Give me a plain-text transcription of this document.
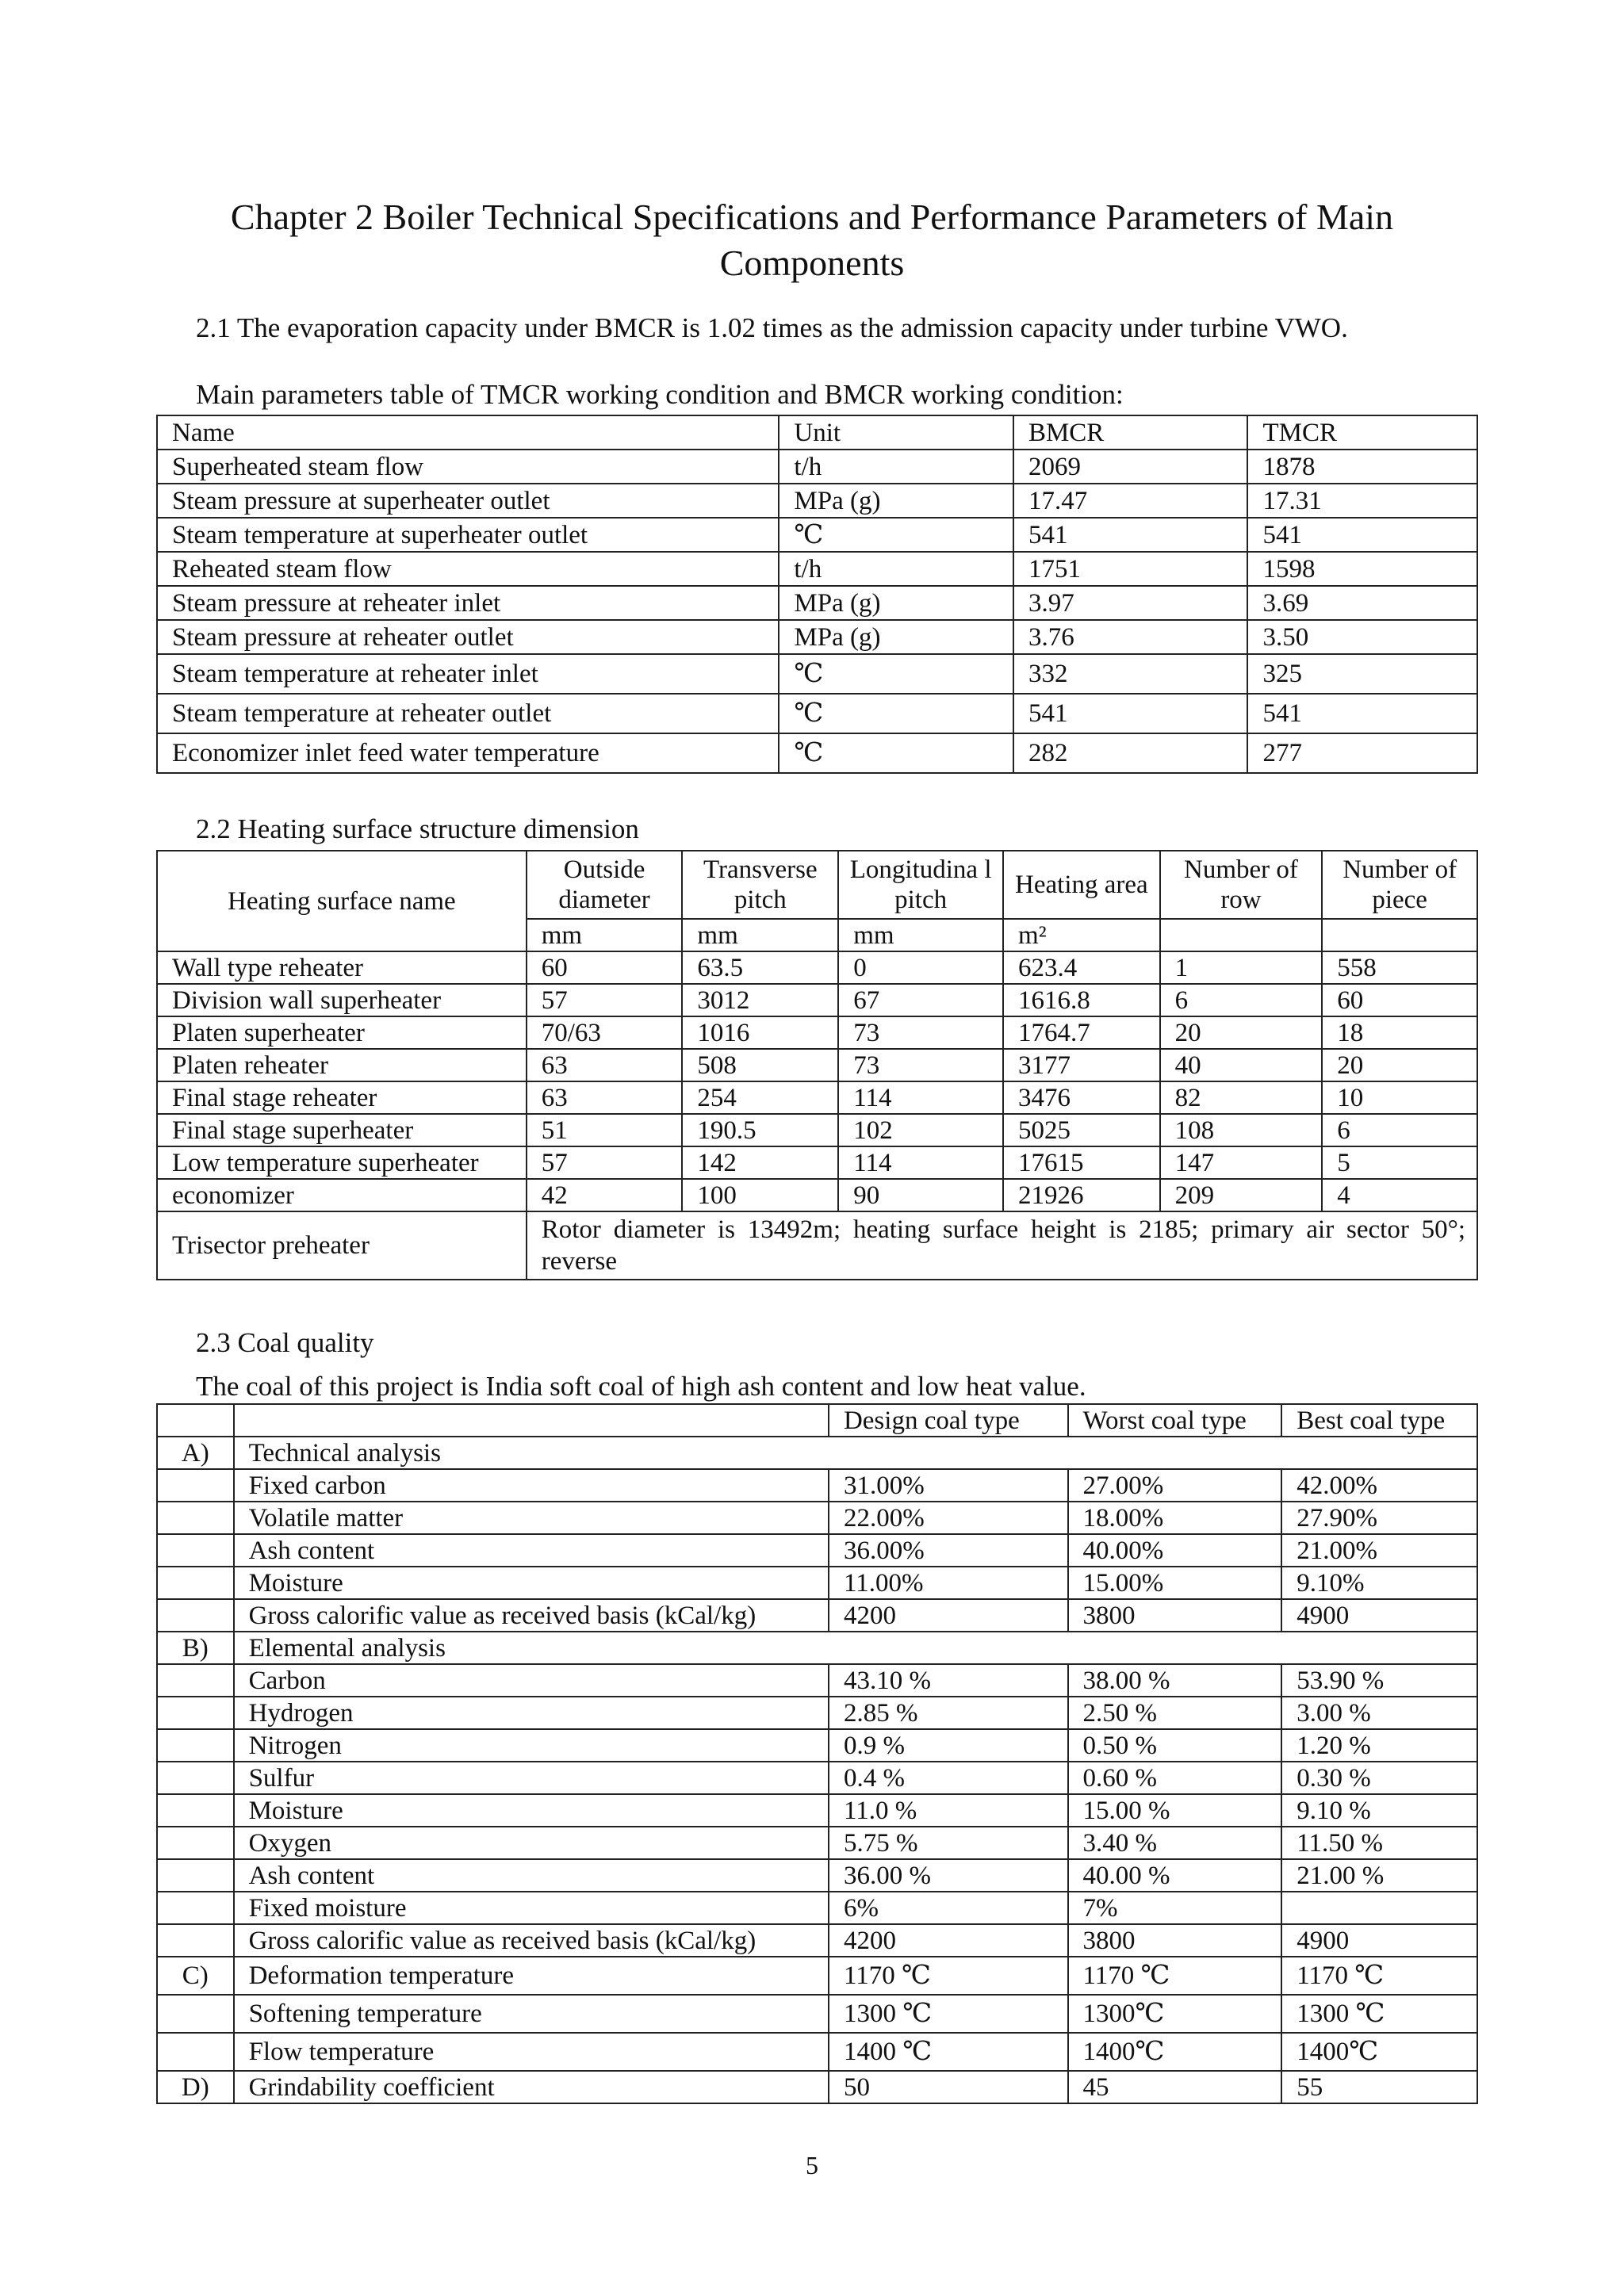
Chapter 2 Boiler Technical Specifications and Performance Parameters of Main
Components
2.1 The evaporation capacity under BMCR is 1.02 times as the admission capacity under turbine VWO.
Main parameters table of TMCR working condition and BMCR working condition:
Name	Unit	BMCR	TMCR
Superheated steam flow	t/h	2069	1878
Steam pressure at superheater outlet	MPa (g)	17.47	17.31
Steam temperature at superheater outlet	℃	541	541
Reheated steam flow	t/h	1751	1598
Steam pressure at reheater inlet	MPa (g)	3.97	3.69
Steam pressure at reheater outlet	MPa (g)	3.76	3.50
Steam temperature at reheater inlet	℃	332	325
Steam temperature at reheater outlet	℃	541	541
Economizer inlet feed water temperature	℃	282	277
2.2 Heating surface structure dimension
Heating surface name	Outside diameter	Transverse pitch	Longitudina l pitch	Heating area	Number of row	Number of piece
	mm	mm	mm	m²		
Wall type reheater	60	63.5	0	623.4	1	558
Division wall superheater	57	3012	67	1616.8	6	60
Platen superheater	70/63	1016	73	1764.7	20	18
Platen reheater	63	508	73	3177	40	20
Final stage reheater	63	254	114	3476	82	10
Final stage superheater	51	190.5	102	5025	108	6
Low temperature superheater	57	142	114	17615	147	5
economizer	42	100	90	21926	209	4
Trisector preheater	Rotor diameter is 13492m; heating surface height is 2185; primary air sector 50°; reverse					
2.3 Coal quality
The coal of this project is India soft coal of high ash content and low heat value.
		Design coal type	Worst coal type	Best coal type
A)	Technical analysis			
	Fixed carbon	31.00%	27.00%	42.00%
	Volatile matter	22.00%	18.00%	27.90%
	Ash content	36.00%	40.00%	21.00%
	Moisture	11.00%	15.00%	9.10%
	Gross calorific value as received basis (kCal/kg)	4200	3800	4900
B)	Elemental analysis			
	Carbon	43.10 %	38.00 %	53.90 %
	Hydrogen	2.85 %	2.50 %	3.00 %
	Nitrogen	0.9 %	0.50 %	1.20 %
	Sulfur	0.4 %	0.60 %	0.30 %
	Moisture	11.0 %	15.00 %	9.10 %
	Oxygen	5.75 %	3.40 %	11.50 %
	Ash content	36.00 %	40.00 %	21.00 %
	Fixed moisture	6%	7%	
	Gross calorific value as received basis (kCal/kg)	4200	3800	4900
C)	Deformation temperature	1170 ℃	1170 ℃	1170 ℃
	Softening temperature	1300 ℃	1300℃	1300 ℃
	Flow temperature	1400 ℃	1400℃	1400℃
D)	Grindability coefficient	50	45	55
5
